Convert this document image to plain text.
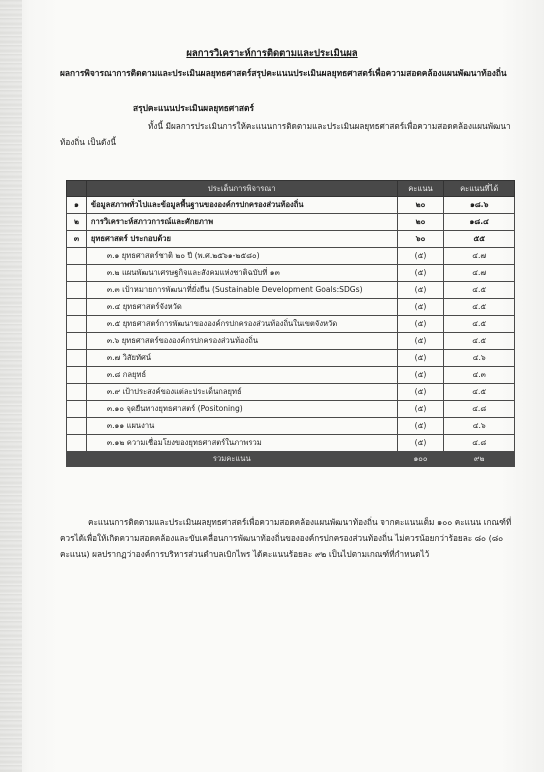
ผลการวิเคราะห์การติดตามและประเมินผล
ผลการพิจารณาการติดตามและประเมินผลยุทธศาสตร์สรุปคะแนนประเมินผลยุทธศาสตร์เพื่อความสอดคล้องแผนพัฒนาท้องถิ่น
สรุปคะแนนประเมินผลยุทธศาสตร์
ทั้งนี้ มีผลการประเมินการให้คะแนนการติดตามและประเมินผลยุทธศาสตร์เพื่อความสอดคล้องแผนพัฒนาท้องถิ่น เป็นดังนี้
	ประเด็นการพิจารณา	คะแนน	คะแนนที่ได้
๑	ข้อมูลสภาพทั่วไปและข้อมูลพื้นฐานขององค์กรปกครองส่วนท้องถิ่น	๒๐	๑๘.๖
๒	การวิเคราะห์สภาวการณ์และศักยภาพ	๒๐	๑๘.๔
๓	ยุทธศาสตร์ ประกอบด้วย	๖๐	๕๕
	๓.๑ ยุทธศาสตร์ชาติ ๒๐ ปี (พ.ศ.๒๕๖๑-๒๕๘๐)	(๕)	๔.๗
	๓.๒ แผนพัฒนาเศรษฐกิจและสังคมแห่งชาติฉบับที่ ๑๓	(๕)	๔.๗
	๓.๓ เป้าหมายการพัฒนาที่ยั่งยืน (Sustainable Development Goals:SDGs)	(๕)	๔.๕
	๓.๔ ยุทธศาสตร์จังหวัด	(๕)	๔.๕
	๓.๕ ยุทธศาสตร์การพัฒนาขององค์กรปกครองส่วนท้องถิ่นในเขตจังหวัด	(๕)	๔.๕
	๓.๖ ยุทธศาสตร์ขององค์กรปกครองส่วนท้องถิ่น	(๕)	๔.๕
	๓.๗ วิสัยทัศน์	(๕)	๔.๖
	๓.๘ กลยุทธ์	(๕)	๔.๓
	๓.๙ เป้าประสงค์ของแต่ละประเด็นกลยุทธ์	(๕)	๔.๕
	๓.๑๐ จุดยืนทางยุทธศาสตร์ (Positoning)	(๕)	๔.๘
	๓.๑๑ แผนงาน	(๕)	๔.๖
	๓.๑๒ ความเชื่อมโยงของยุทธศาสตร์ในภาพรวม	(๕)	๔.๘
รวมคะแนน		๑๐๐	๙๒
คะแนนการติดตามและประเมินผลยุทธศาสตร์เพื่อความสอดคล้องแผนพัฒนาท้องถิ่น จากคะแนนเต็ม ๑๐๐ คะแนน เกณฑ์ที่ควรได้เพื่อให้เกิดความสอดคล้องและขับเคลื่อนการพัฒนาท้องถิ่นขององค์กรปกครองส่วนท้องถิ่น ไม่ควรน้อยกว่าร้อยละ ๘๐ (๘๐ คะแนน) ผลปรากฏว่าองค์การบริหารส่วนตำบลเบิกไพร ได้คะแนนร้อยละ ๙๒ เป็นไปตามเกณฑ์ที่กำหนดไว้
